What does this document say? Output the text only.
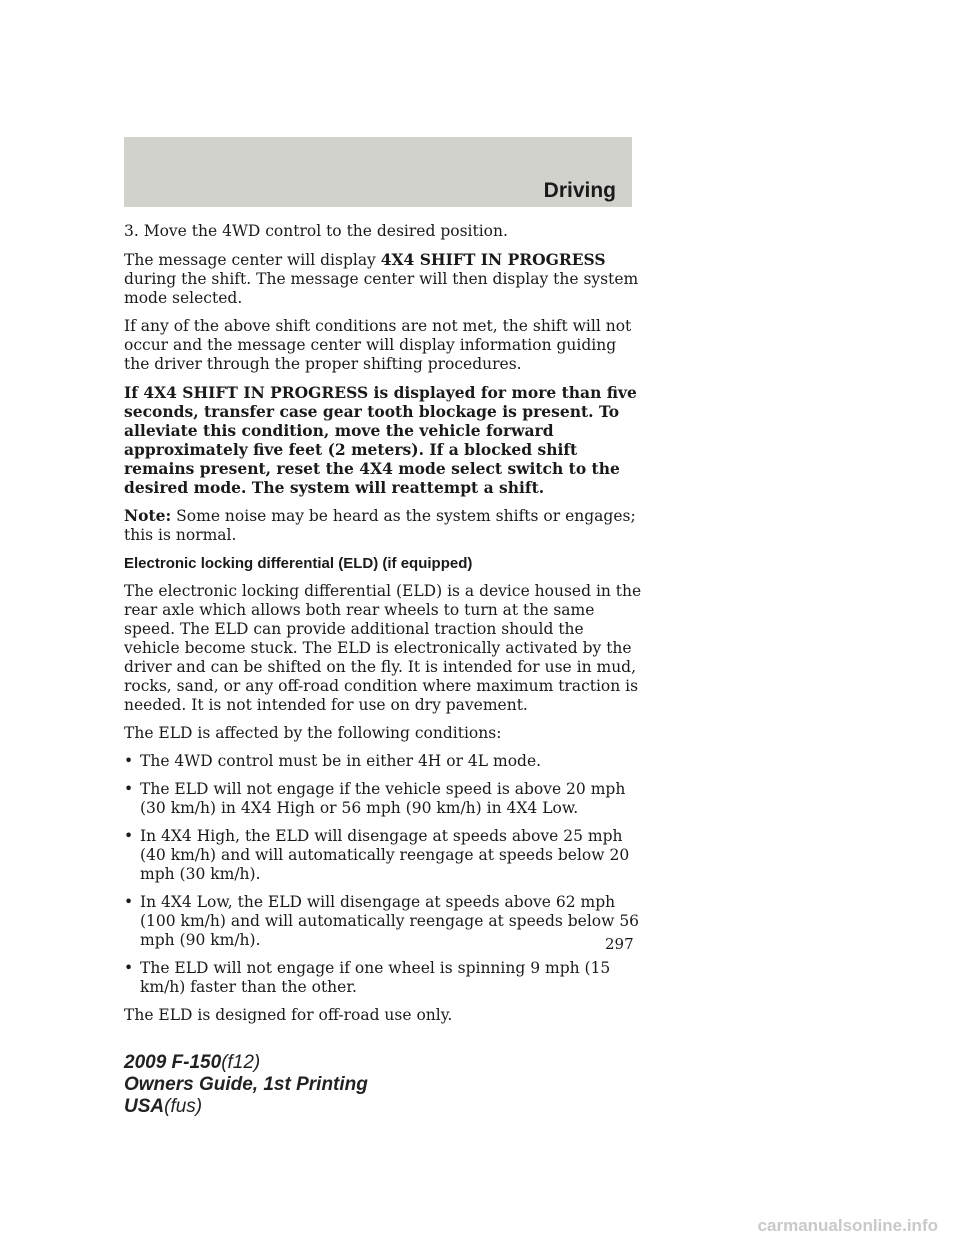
Driving

3. Move the 4WD control to the desired position.

The message center will display 4X4 SHIFT IN PROGRESS during the shift. The message center will then display the system mode selected.

If any of the above shift conditions are not met, the shift will not occur and the message center will display information guiding the driver through the proper shifting procedures.

If 4X4 SHIFT IN PROGRESS is displayed for more than five seconds, transfer case gear tooth blockage is present. To alleviate this condition, move the vehicle forward approximately five feet (2 meters). If a blocked shift remains present, reset the 4X4 mode select switch to the desired mode. The system will reattempt a shift.

Note: Some noise may be heard as the system shifts or engages; this is normal.

Electronic locking differential (ELD) (if equipped)

The electronic locking differential (ELD) is a device housed in the rear axle which allows both rear wheels to turn at the same speed. The ELD can provide additional traction should the vehicle become stuck. The ELD is electronically activated by the driver and can be shifted on the fly. It is intended for use in mud, rocks, sand, or any off-road condition where maximum traction is needed. It is not intended for use on dry pavement.

The ELD is affected by the following conditions:

• The 4WD control must be in either 4H or 4L mode.
• The ELD will not engage if the vehicle speed is above 20 mph (30 km/h) in 4X4 High or 56 mph (90 km/h) in 4X4 Low.
• In 4X4 High, the ELD will disengage at speeds above 25 mph (40 km/h) and will automatically reengage at speeds below 20 mph (30 km/h).
• In 4X4 Low, the ELD will disengage at speeds above 62 mph (100 km/h) and will automatically reengage at speeds below 56 mph (90 km/h).
• The ELD will not engage if one wheel is spinning 9 mph (15 km/h) faster than the other.

The ELD is designed for off-road use only.

297
2009 F-150(f12)
Owners Guide, 1st Printing
USA(fus)
carmanualsonline.info
